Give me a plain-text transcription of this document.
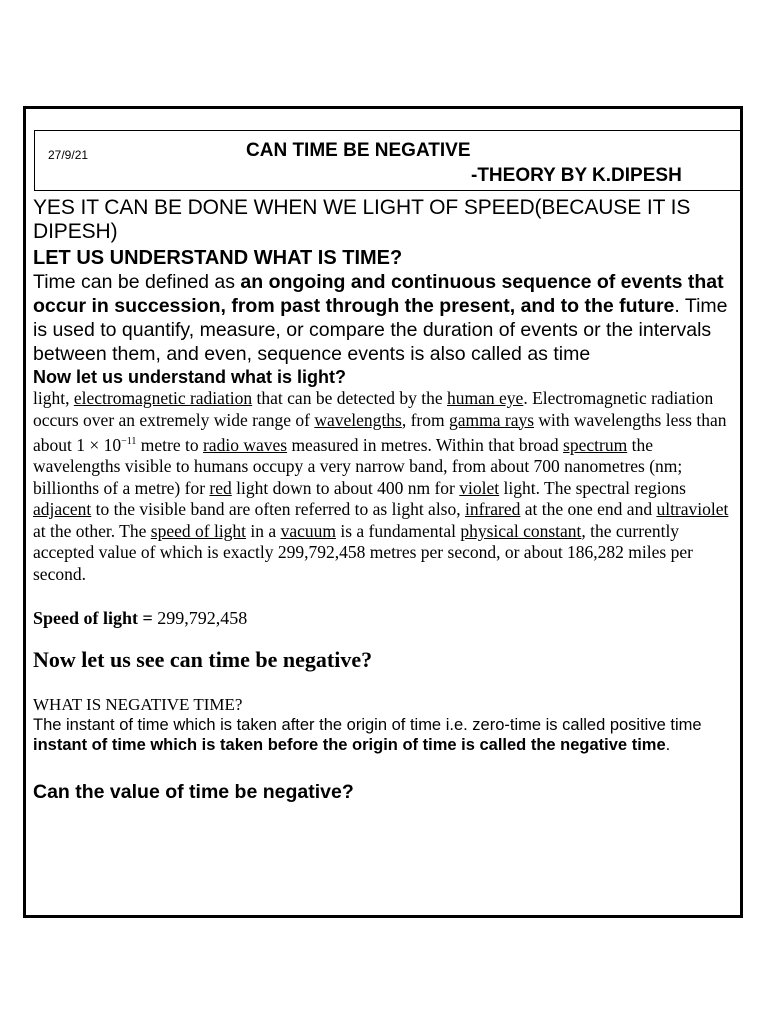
27/9/21	CAN TIME BE NEGATIVE
-THEORY BY K.DIPESH

YES IT CAN BE DONE WHEN WE LIGHT OF SPEED(BECAUSE IT IS DIPESH)

LET US UNDERSTAND WHAT IS TIME?

Time can be defined as an ongoing and continuous sequence of events that occur in succession, from past through the present, and to the future. Time is used to quantify, measure, or compare the duration of events or the intervals between them, and even, sequence events is also called as time

Now let us understand what is light?

light, electromagnetic radiation that can be detected by the human eye. Electromagnetic radiation occurs over an extremely wide range of wavelengths, from gamma rays with wavelengths less than about $1 \times 10^{-11}$ metre to radio waves measured in metres. Within that broad spectrum the wavelengths visible to humans occupy a very narrow band, from about 700 nanometres (nm; billionths of a metre) for red light down to about 400 nm for violet light. The spectral regions adjacent to the visible band are often referred to as light also, infrared at the one end and ultraviolet at the other. The speed of light in a vacuum is a fundamental physical constant, the currently accepted value of which is exactly 299,792,458 metres per second, or about 186,282 miles per second.

Speed of light = 299,792,458

Now let us see can time be negative?

WHAT IS NEGATIVE TIME?

The instant of time which is taken after the origin of time i.e. zero-time is called positive time instant of time which is taken before the origin of time is called the negative time.

Can the value of time be negative?
